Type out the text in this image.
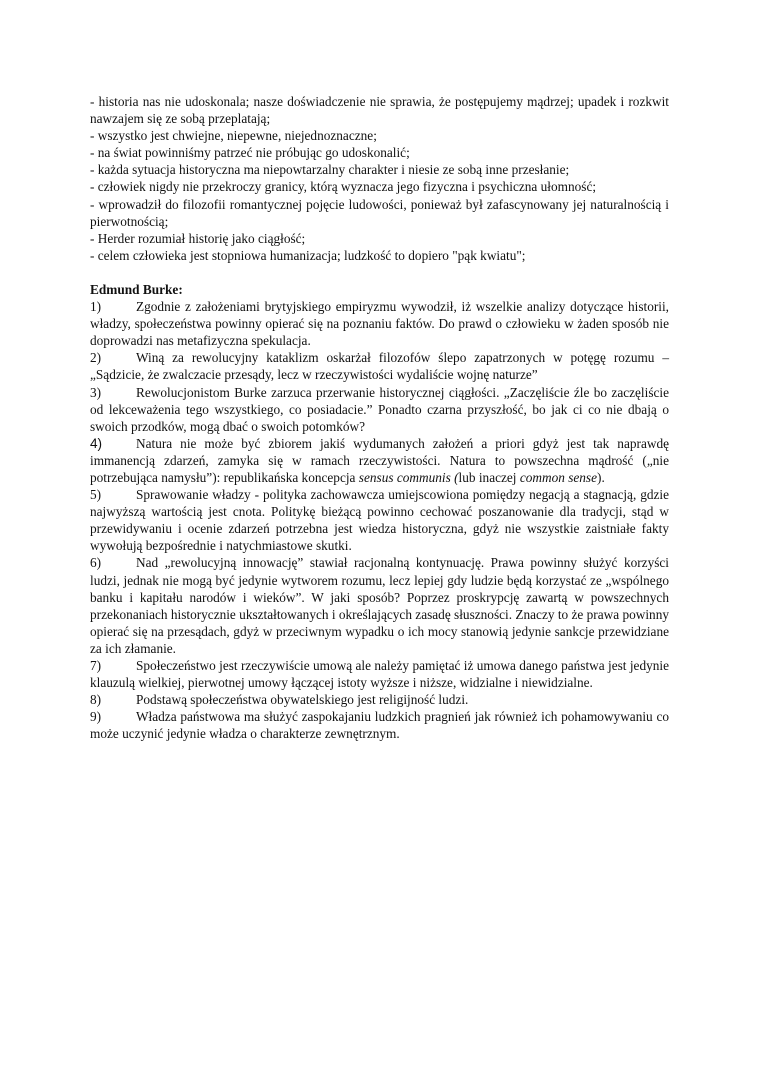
- historia nas nie udoskonala; nasze doświadczenie nie sprawia, że postępujemy mądrzej; upadek i rozkwit nawzajem się ze sobą przeplatają;

- wszystko jest chwiejne, niepewne, niejednoznaczne;

- na świat powinniśmy patrzeć nie próbując go udoskonalić;

- każda sytuacja historyczna ma niepowtarzalny charakter i niesie ze sobą inne przesłanie;

- człowiek nigdy nie przekroczy granicy, którą wyznacza jego fizyczna i psychiczna ułomność;

- wprowadził do filozofii romantycznej pojęcie ludowości, ponieważ był zafascynowany jej naturalnością i pierwotnością;

- Herder rozumiał historię jako ciągłość;

- celem człowieka jest stopniowa humanizacja; ludzkość to dopiero "pąk kwiatu";

Edmund Burke:

1)	Zgodnie z założeniami brytyjskiego empiryzmu wywodził, iż wszelkie analizy dotyczące historii, władzy, społeczeństwa powinny opierać się na poznaniu faktów. Do prawd o człowieku w żaden sposób nie doprowadzi nas metafizyczna spekulacja.

2)	Winą za rewolucyjny kataklizm oskarżał filozofów ślepo zapatrzonych w potęgę rozumu – „Sądzicie, że zwalczacie przesądy, lecz w rzeczywistości wydaliście wojnę naturze”

3)	Rewolucjonistom Burke zarzuca przerwanie historycznej ciągłości. „Zaczęliście źle bo zaczęliście od lekceważenia tego wszystkiego, co posiadacie.” Ponadto czarna przyszłość, bo jak ci co nie dbają o swoich przodków, mogą dbać o swoich potomków?

4)	Natura nie może być zbiorem jakiś wydumanych założeń a priori gdyż jest tak naprawdę immanencją zdarzeń, zamyka się w ramach rzeczywistości. Natura to powszechna mądrość („nie potrzebująca namysłu”): republikańska koncepcja sensus communis (lub inaczej common sense).

5)	Sprawowanie władzy - polityka zachowawcza umiejscowiona pomiędzy negacją a stagnacją, gdzie najwyższą wartością jest cnota. Politykę bieżącą powinno cechować poszanowanie dla tradycji, stąd w przewidywaniu i ocenie zdarzeń potrzebna jest wiedza historyczna, gdyż nie wszystkie zaistniałe fakty wywołują bezpośrednie i natychmiastowe skutki.

6)	Nad „rewolucyjną innowację” stawiał racjonalną kontynuację. Prawa powinny służyć korzyści ludzi, jednak nie mogą być jedynie wytworem rozumu, lecz lepiej gdy ludzie będą korzystać ze „wspólnego banku i kapitału narodów i wieków”. W jaki sposób? Poprzez proskrypcję zawartą w powszechnych przekonaniach historycznie ukształtowanych i określających zasadę słuszności. Znaczy to że prawa powinny opierać się na przesądach, gdyż w przeciwnym wypadku o ich mocy stanowią jedynie sankcje przewidziane za ich złamanie.

7)	Społeczeństwo jest rzeczywiście umową ale należy pamiętać iż umowa danego państwa jest jedynie klauzulą wielkiej, pierwotnej umowy łączącej istoty wyższe i niższe, widzialne i niewidzialne.

8)	Podstawą społeczeństwa obywatelskiego jest religijność ludzi.

9)	Władza państwowa ma służyć zaspokajaniu ludzkich pragnień jak również ich pohamowywaniu co może uczynić jedynie władza o charakterze zewnętrznym.
